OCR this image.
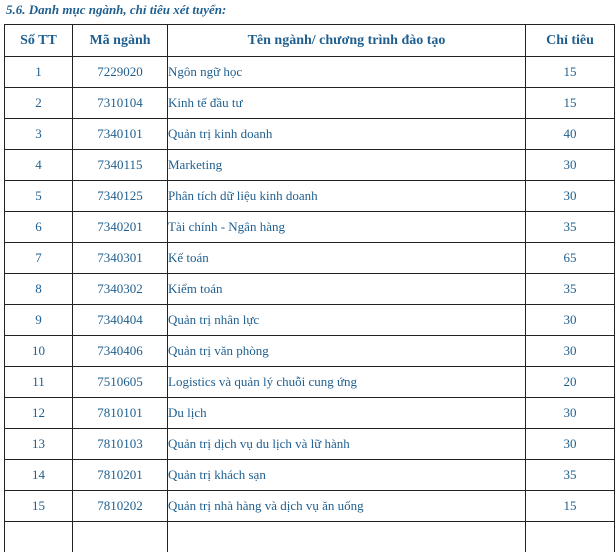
5.6. Danh mục ngành, chỉ tiêu xét tuyển:
Số TT	Mã ngành	Tên ngành/ chương trình đào tạo	Chỉ tiêu
1	7229020	Ngôn ngữ học	15
2	7310104	Kinh tế đầu tư	15
3	7340101	Quản trị kinh doanh	40
4	7340115	Marketing	30
5	7340125	Phân tích dữ liệu kinh doanh	30
6	7340201	Tài chính - Ngân hàng	35
7	7340301	Kế toán	65
8	7340302	Kiểm toán	35
9	7340404	Quản trị nhân lực	30
10	7340406	Quản trị văn phòng	30
11	7510605	Logistics và quản lý chuỗi cung ứng	20
12	7810101	Du lịch	30
13	7810103	Quản trị dịch vụ du lịch và lữ hành	30
14	7810201	Quản trị khách sạn	35
15	7810202	Quản trị nhà hàng và dịch vụ ăn uống	15
